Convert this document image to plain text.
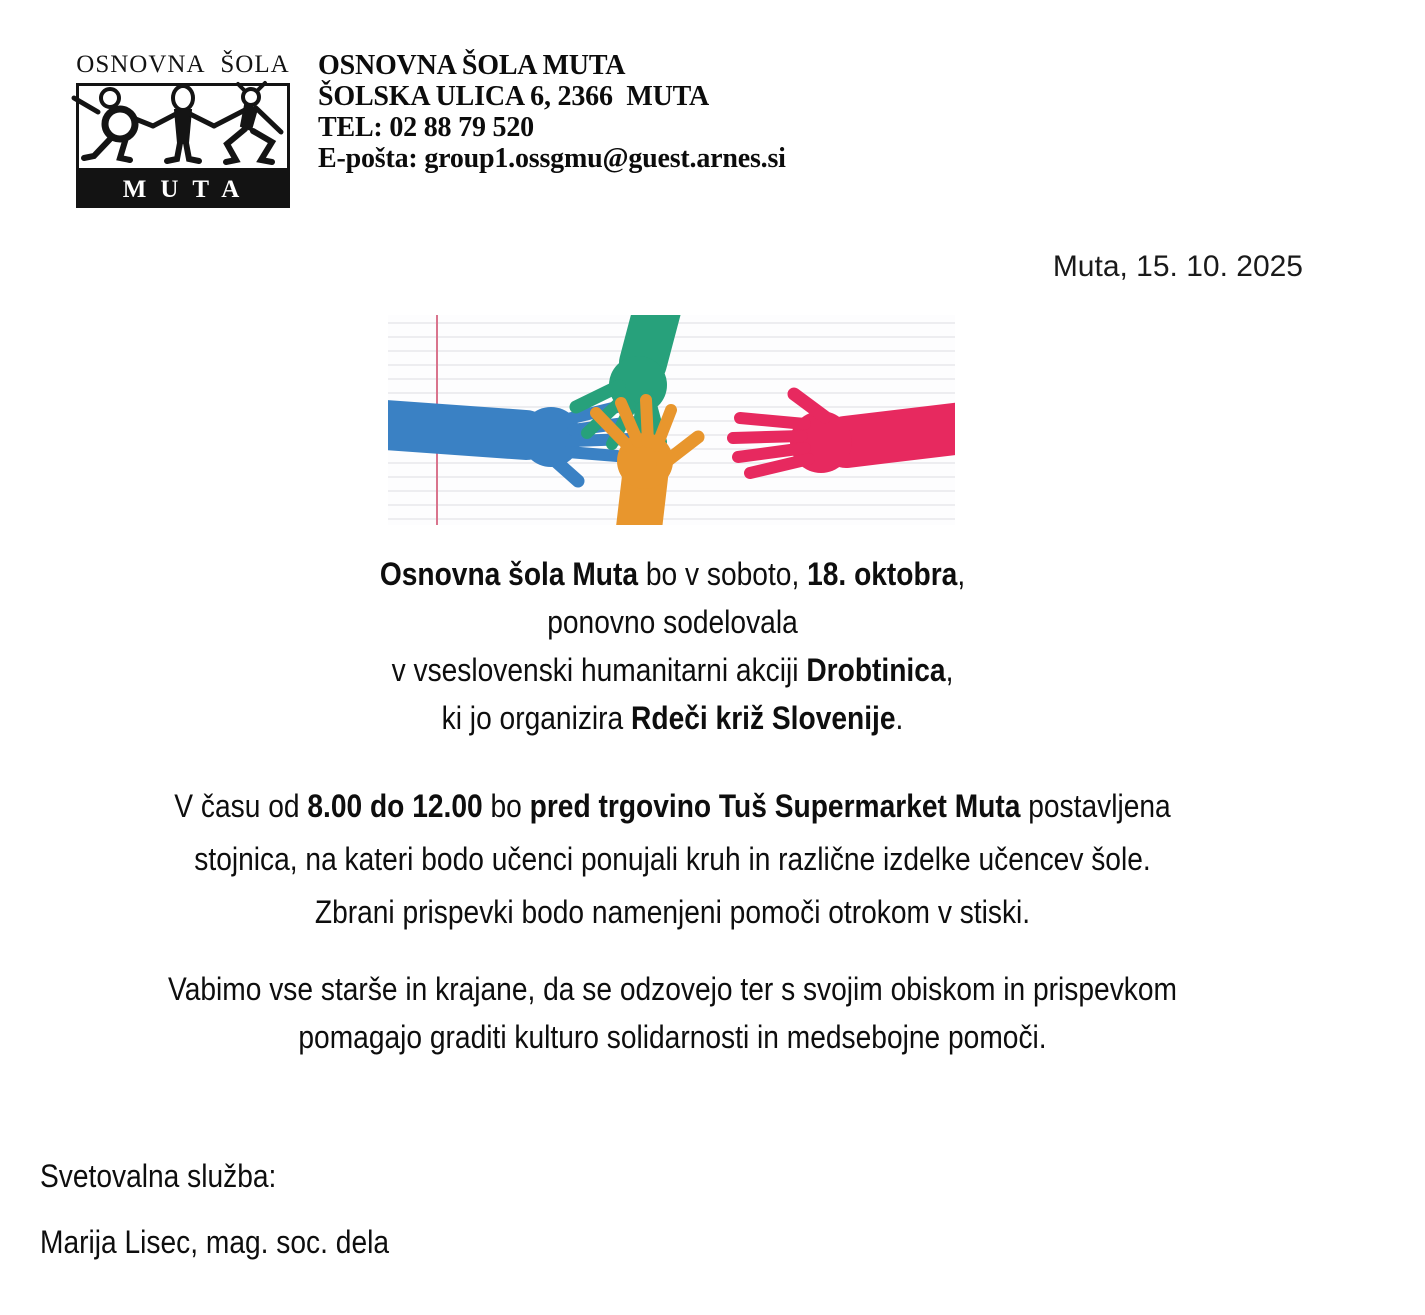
OSNOVNA ŠOLA
MUTA
OSNOVNA ŠOLA MUTA
ŠOLSKA ULICA 6, 2366  MUTA
TEL: 02 88 79 520
E-pošta: group1.ossgmu@guest.arnes.si
Muta, 15. 10. 2025
Osnovna šola Muta bo v soboto, 18. oktobra,
ponovno sodelovala
v vseslovenski humanitarni akciji Drobtinica,
ki jo organizira Rdeči križ Slovenije.
V času od 8.00 do 12.00 bo pred trgovino Tuš Supermarket Muta postavljena
stojnica, na kateri bodo učenci ponujali kruh in različne izdelke učencev šole.
Zbrani prispevki bodo namenjeni pomoči otrokom v stiski.
Vabimo vse starše in krajane, da se odzovejo ter s svojim obiskom in prispevkom
pomagajo graditi kulturo solidarnosti in medsebojne pomoči.
Svetovalna služba:
Marija Lisec, mag. soc. dela
